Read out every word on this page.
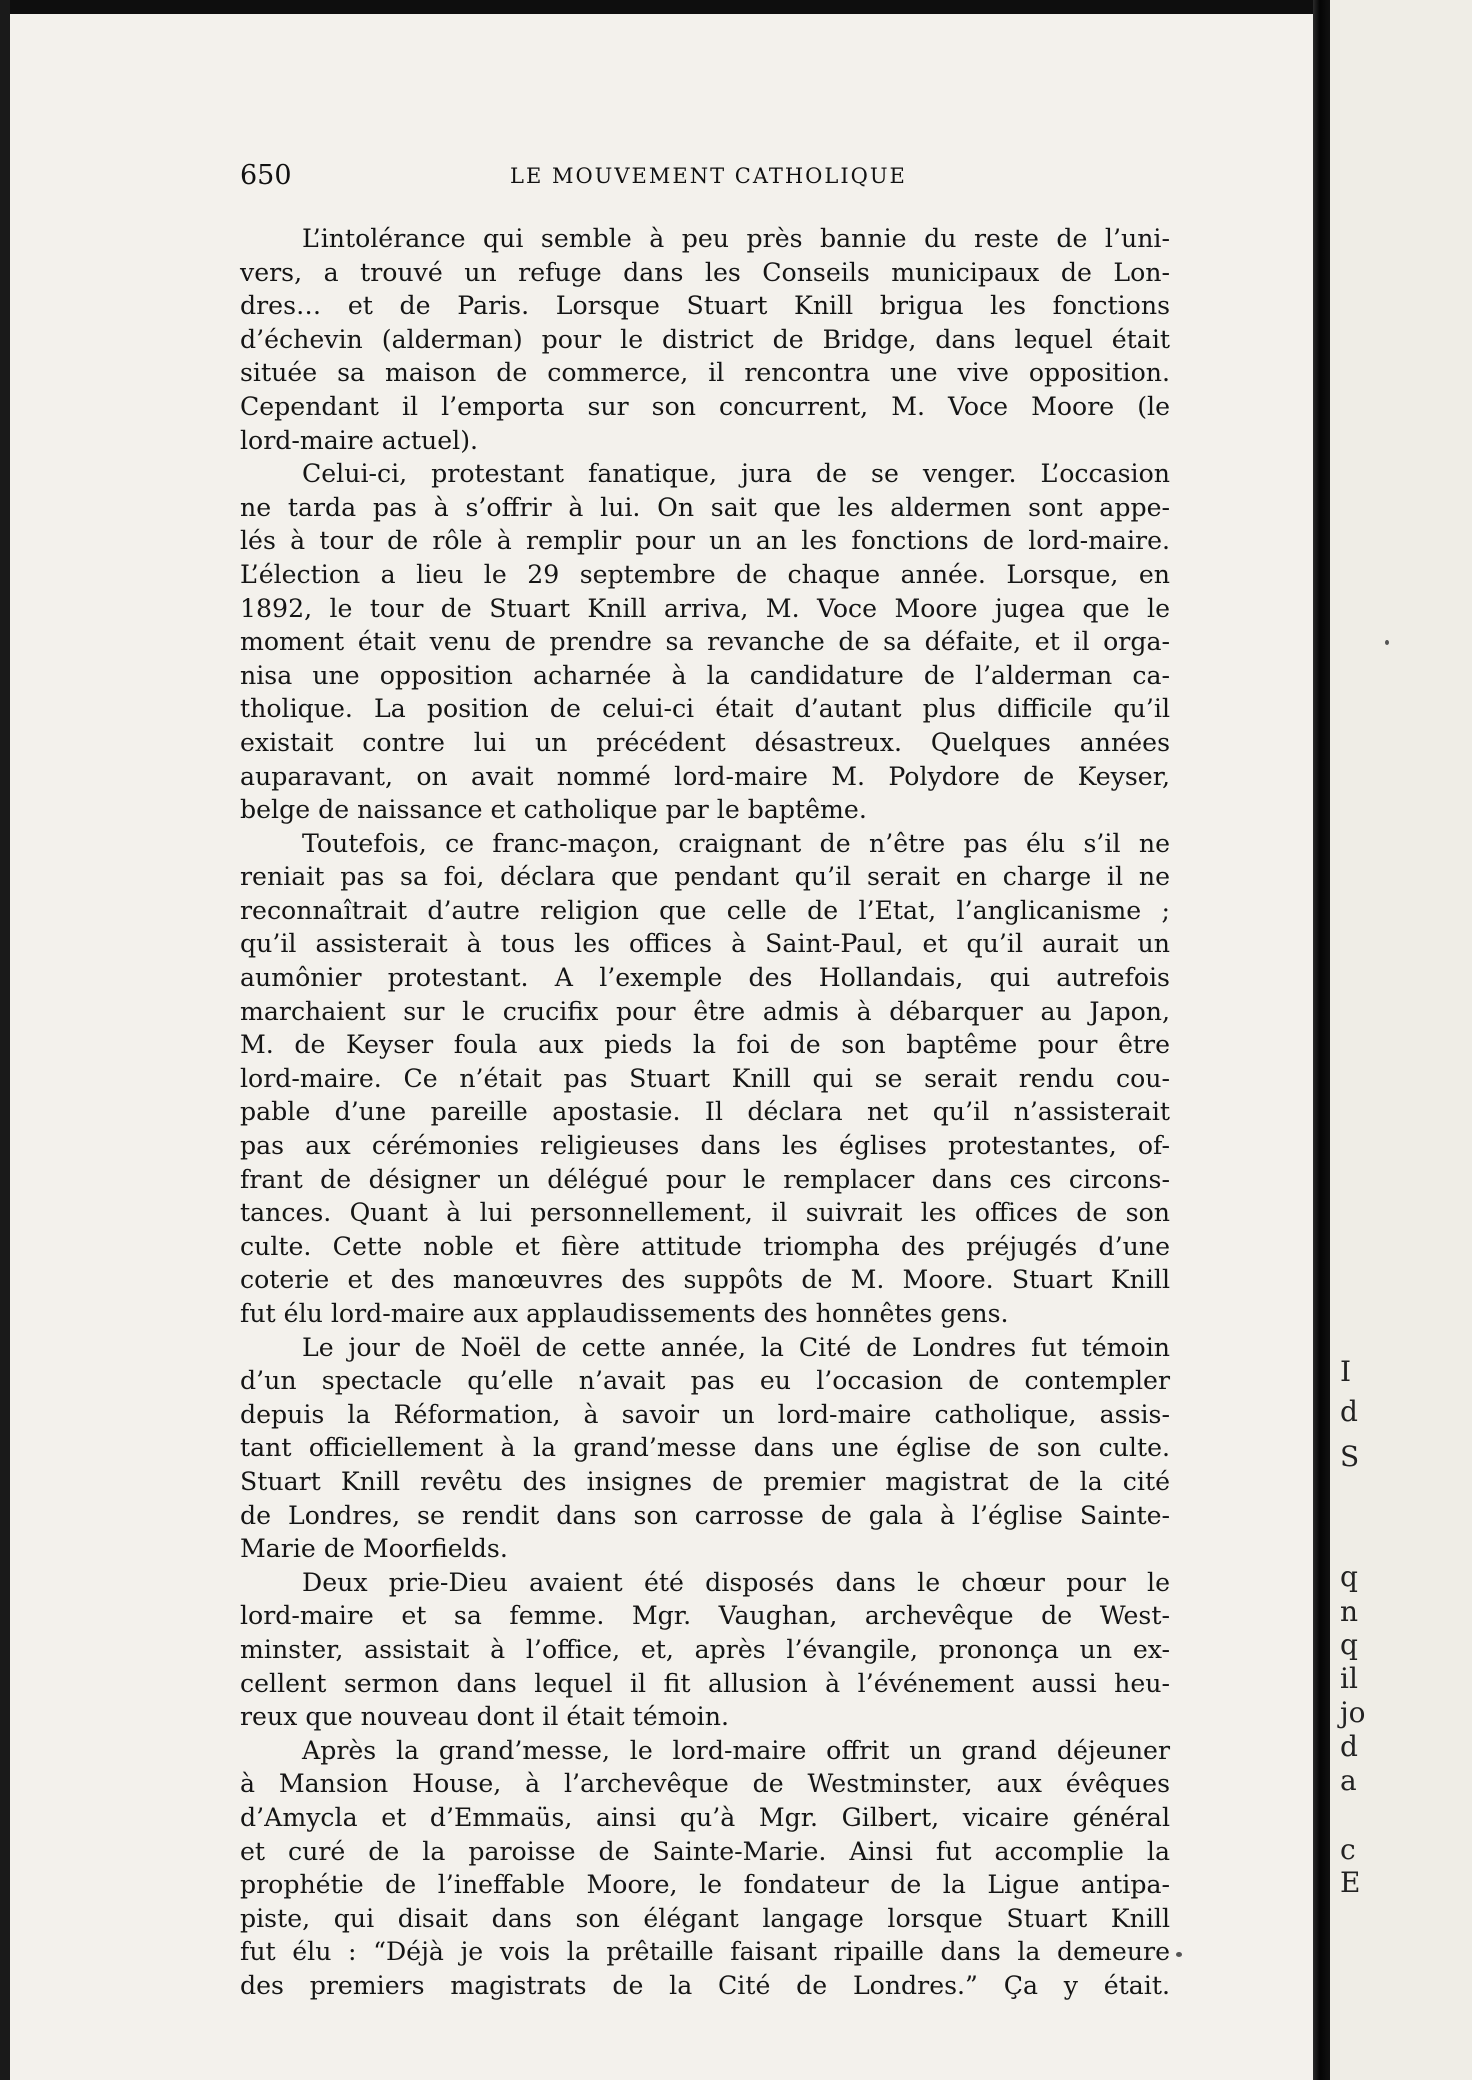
I
d
S
q
n
q
il
jo
d
a
c
E
650	LE MOUVEMENT CATHOLIQUE
L’intolérance qui semble à peu près bannie du reste de l’uni-
vers, a trouvé un refuge dans les Conseils municipaux de Lon-
dres… et de Paris. Lorsque Stuart Knill brigua les fonctions
d’échevin (alderman) pour le district de Bridge, dans lequel était
située sa maison de commerce, il rencontra une vive opposition.
Cependant il l’emporta sur son concurrent, M. Voce Moore (le
lord-maire actuel).
Celui-ci, protestant fanatique, jura de se venger. L’occasion
ne tarda pas à s’offrir à lui. On sait que les aldermen sont appe-
lés à tour de rôle à remplir pour un an les fonctions de lord-maire.
L’élection a lieu le 29 septembre de chaque année. Lorsque, en
1892, le tour de Stuart Knill arriva, M. Voce Moore jugea que le
moment était venu de prendre sa revanche de sa défaite, et il orga-
nisa une opposition acharnée à la candidature de l’alderman ca-
tholique. La position de celui-ci était d’autant plus difficile qu’il
existait contre lui un précédent désastreux. Quelques années
auparavant, on avait nommé lord-maire M. Polydore de Keyser,
belge de naissance et catholique par le baptême.
Toutefois, ce franc-maçon, craignant de n’être pas élu s’il ne
reniait pas sa foi, déclara que pendant qu’il serait en charge il ne
reconnaîtrait d’autre religion que celle de l’Etat, l’anglicanisme ;
qu’il assisterait à tous les offices à Saint-Paul, et qu’il aurait un
aumônier protestant. A l’exemple des Hollandais, qui autrefois
marchaient sur le crucifix pour être admis à débarquer au Japon,
M. de Keyser foula aux pieds la foi de son baptême pour être
lord-maire. Ce n’était pas Stuart Knill qui se serait rendu cou-
pable d’une pareille apostasie. Il déclara net qu’il n’assisterait
pas aux cérémonies religieuses dans les églises protestantes, of-
frant de désigner un délégué pour le remplacer dans ces circons-
tances. Quant à lui personnellement, il suivrait les offices de son
culte. Cette noble et fière attitude triompha des préjugés d’une
coterie et des manœuvres des suppôts de M. Moore. Stuart Knill
fut élu lord-maire aux applaudissements des honnêtes gens.
Le jour de Noël de cette année, la Cité de Londres fut témoin
d’un spectacle qu’elle n’avait pas eu l’occasion de contempler
depuis la Réformation, à savoir un lord-maire catholique, assis-
tant officiellement à la grand’messe dans une église de son culte.
Stuart Knill revêtu des insignes de premier magistrat de la cité
de Londres, se rendit dans son carrosse de gala à l’église Sainte-
Marie de Moorfields.
Deux prie-Dieu avaient été disposés dans le chœur pour le
lord-maire et sa femme. Mgr. Vaughan, archevêque de West-
minster, assistait à l’office, et, après l’évangile, prononça un ex-
cellent sermon dans lequel il fit allusion à l’événement aussi heu-
reux que nouveau dont il était témoin.
Après la grand’messe, le lord-maire offrit un grand déjeuner
à Mansion House, à l’archevêque de Westminster, aux évêques
d’Amycla et d’Emmaüs, ainsi qu’à Mgr. Gilbert, vicaire général
et curé de la paroisse de Sainte-Marie. Ainsi fut accomplie la
prophétie de l’ineffable Moore, le fondateur de la Ligue antipa-
piste, qui disait dans son élégant langage lorsque Stuart Knill
fut élu : “Déjà je vois la prêtaille faisant ripaille dans la demeure
des premiers magistrats de la Cité de Londres.” Ça y était.
